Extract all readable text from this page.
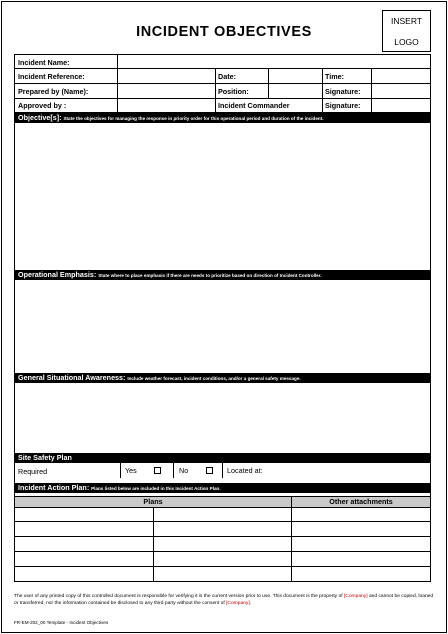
INCIDENT OBJECTIVES
INSERT
LOGO
Incident Name:
Incident Reference:	Date:	Time:
Prepared by (Name):	Position:	Signature:
Approved by :	Incident Commander	Signature:
Objective[s]: State the objectives for managing the response in priority order for this operational period and duration of the incident.
Operational Emphasis: State where to place emphasis if there are needs to prioritize based on direction of Incident Controller.
General Situational Awareness: Include weather forecast, incident conditions, and/or a general safety message.
Site Safety Plan
Required	Yes	No	Located at:
Incident Action Plan: Plans listed below are included in this Incident Action Plan.
Plans	Other attachments
The user of any printed copy of this controlled document is responsible for verifying it is the current version prior to use. This document is the property of [Company] and cannot be copied, loaned or transferred, nor the information contained be disclosed to any third party without the consent of [Company].
FR-EM-202_00 Template - Incident Objectives
